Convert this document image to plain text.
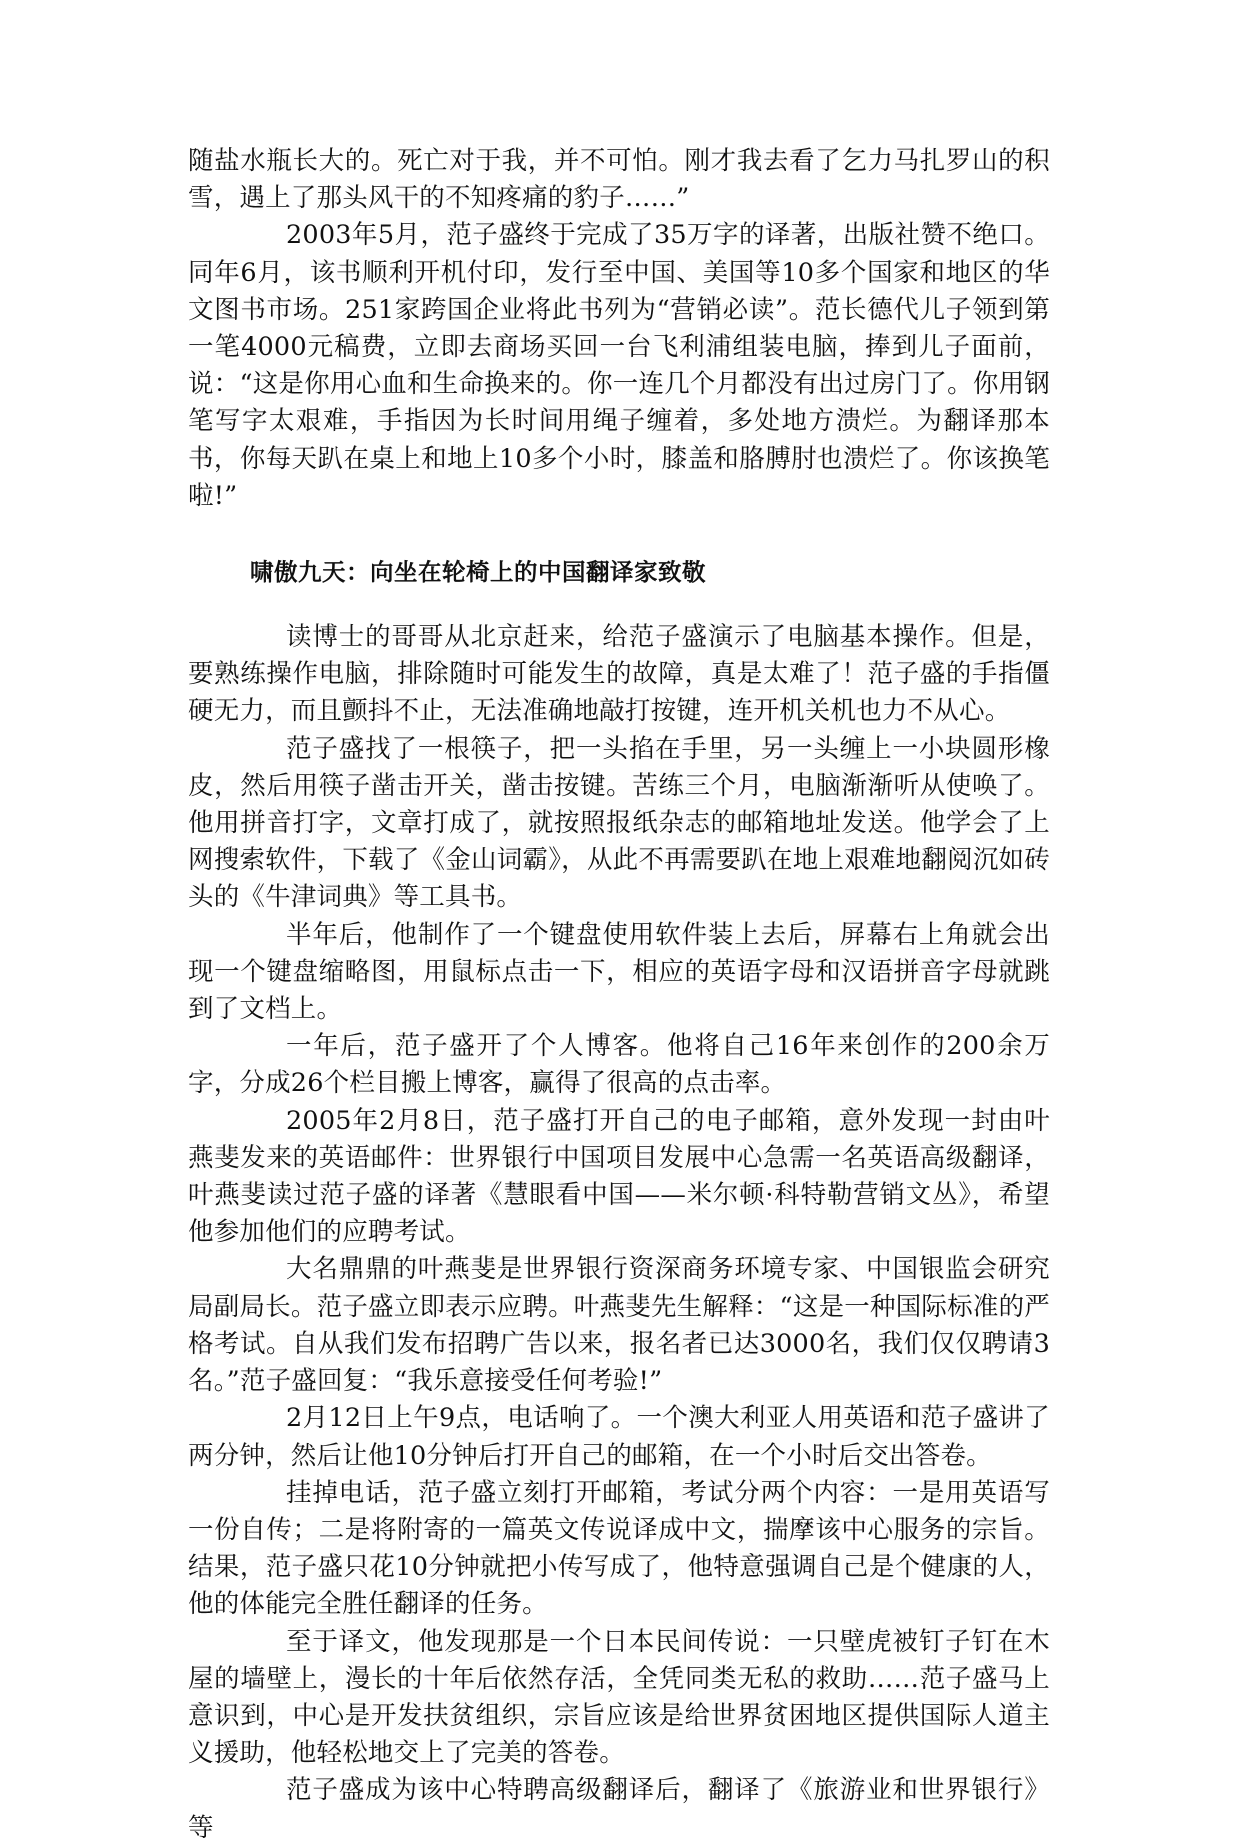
随盐水瓶长大的。死亡对于我，并不可怕。刚才我去看了乞力马扎罗山的积雪，遇上了那头风干的不知疼痛的豹子……”

2003年5月，范子盛终于完成了35万字的译著，出版社赞不绝口。同年6月，该书顺利开机付印，发行至中国、美国等10多个国家和地区的华文图书市场。251家跨国企业将此书列为“营销必读”。范长德代儿子领到第一笔4000元稿费，立即去商场买回一台飞利浦组装电脑，捧到儿子面前，说：“这是你用心血和生命换来的。你一连几个月都没有出过房门了。你用钢笔写字太艰难，手指因为长时间用绳子缠着，多处地方溃烂。为翻译那本书，你每天趴在桌上和地上10多个小时，膝盖和胳膊肘也溃烂了。你该换笔啦!”

啸傲九天：向坐在轮椅上的中国翻译家致敬

读博士的哥哥从北京赶来，给范子盛演示了电脑基本操作。但是，要熟练操作电脑，排除随时可能发生的故障，真是太难了！范子盛的手指僵硬无力，而且颤抖不止，无法准确地敲打按键，连开机关机也力不从心。

范子盛找了一根筷子，把一头掐在手里，另一头缠上一小块圆形橡皮，然后用筷子凿击开关，凿击按键。苦练三个月，电脑渐渐听从使唤了。他用拼音打字，文章打成了，就按照报纸杂志的邮箱地址发送。他学会了上网搜索软件，下载了《金山词霸》，从此不再需要趴在地上艰难地翻阅沉如砖头的《牛津词典》等工具书。

半年后，他制作了一个键盘使用软件装上去后，屏幕右上角就会出现一个键盘缩略图，用鼠标点击一下，相应的英语字母和汉语拼音字母就跳到了文档上。

一年后，范子盛开了个人博客。他将自己16年来创作的200余万字，分成26个栏目搬上博客，赢得了很高的点击率。

2005年2月8日，范子盛打开自己的电子邮箱，意外发现一封由叶燕斐发来的英语邮件：世界银行中国项目发展中心急需一名英语高级翻译，叶燕斐读过范子盛的译著《慧眼看中国——米尔顿·科特勒营销文丛》，希望他参加他们的应聘考试。

大名鼎鼎的叶燕斐是世界银行资深商务环境专家、中国银监会研究局副局长。范子盛立即表示应聘。叶燕斐先生解释：“这是一种国际标准的严格考试。自从我们发布招聘广告以来，报名者已达3000名，我们仅仅聘请3名。”范子盛回复：“我乐意接受任何考验!”

2月12日上午9点，电话响了。一个澳大利亚人用英语和范子盛讲了两分钟，然后让他10分钟后打开自己的邮箱，在一个小时后交出答卷。

挂掉电话，范子盛立刻打开邮箱，考试分两个内容：一是用英语写一份自传；二是将附寄的一篇英文传说译成中文，揣摩该中心服务的宗旨。结果，范子盛只花10分钟就把小传写成了，他特意强调自己是个健康的人，他的体能完全胜任翻译的任务。

至于译文，他发现那是一个日本民间传说：一只壁虎被钉子钉在木屋的墙壁上，漫长的十年后依然存活，全凭同类无私的救助……范子盛马上意识到，中心是开发扶贫组织，宗旨应该是给世界贫困地区提供国际人道主义援助，他轻松地交上了完美的答卷。

范子盛成为该中心特聘高级翻译后，翻译了《旅游业和世界银行》等
